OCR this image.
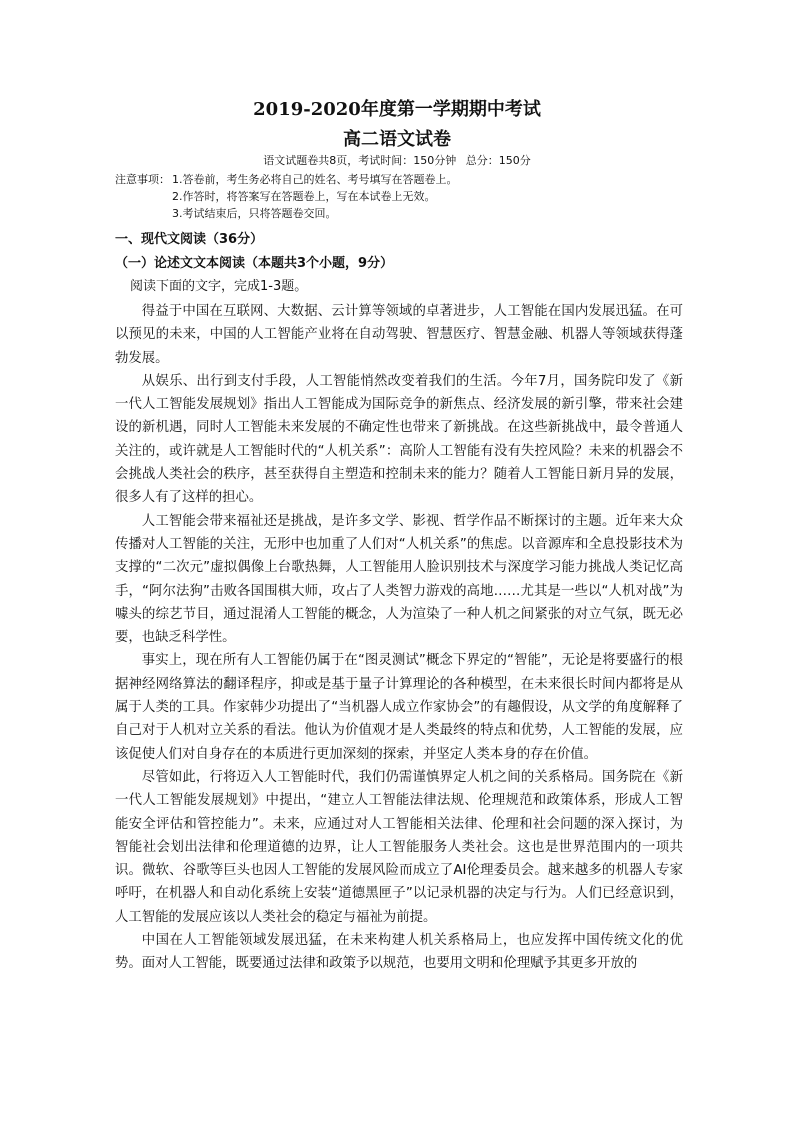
2019-2020年度第一学期期中考试
高二语文试卷
语文试题卷共8页，考试时间：150分钟 总分：150分
注意事项： 1.答卷前，考生务必将自己的姓名、考号填写在答题卷上。
2.作答时，将答案写在答题卷上，写在本试卷上无效。
3.考试结束后，只将答题卷交回。
一、现代文阅读（36分）
（一）论述文文本阅读（本题共3个小题，9分）
阅读下面的文字，完成1-3题。

得益于中国在互联网、大数据、云计算等领域的卓著进步，人工智能在国内发展迅猛。在可以预见的未来，中国的人工智能产业将在自动驾驶、智慧医疗、智慧金融、机器人等领域获得蓬勃发展。

从娱乐、出行到支付手段，人工智能悄然改变着我们的生活。今年7月，国务院印发了《新一代人工智能发展规划》指出人工智能成为国际竞争的新焦点、经济发展的新引擎，带来社会建设的新机遇，同时人工智能未来发展的不确定性也带来了新挑战。在这些新挑战中，最令普通人关注的，或许就是人工智能时代的“人机关系”：高阶人工智能有没有失控风险？未来的机器会不会挑战人类社会的秩序，甚至获得自主塑造和控制未来的能力？随着人工智能日新月异的发展，很多人有了这样的担心。

人工智能会带来福祉还是挑战，是许多文学、影视、哲学作品不断探讨的主题。近年来大众传播对人工智能的关注，无形中也加重了人们对“人机关系”的焦虑。以音源库和全息投影技术为支撑的“二次元”虚拟偶像上台歌热舞，人工智能用人脸识别技术与深度学习能力挑战人类记忆高手，“阿尔法狗”击败各国围棋大师，攻占了人类智力游戏的高地……尤其是一些以“人机对战”为噱头的综艺节目，通过混淆人工智能的概念，人为渲染了一种人机之间紧张的对立气氛，既无必要，也缺乏科学性。

事实上，现在所有人工智能仍属于在“图灵测试”概念下界定的“智能”，无论是将要盛行的根据神经网络算法的翻译程序，抑或是基于量子计算理论的各种模型，在未来很长时间内都将是从属于人类的工具。作家韩少功提出了“当机器人成立作家协会”的有趣假设，从文学的角度解释了自己对于人机对立关系的看法。他认为价值观才是人类最终的特点和优势，人工智能的发展，应该促使人们对自身存在的本质进行更加深刻的探索，并坚定人类本身的存在价值。

尽管如此，行将迈入人工智能时代，我们仍需谨慎界定人机之间的关系格局。国务院在《新一代人工智能发展规划》中提出，“建立人工智能法律法规、伦理规范和政策体系，形成人工智能安全评估和管控能力”。未来，应通过对人工智能相关法律、伦理和社会问题的深入探讨，为智能社会划出法律和伦理道德的边界，让人工智能服务人类社会。这也是世界范围内的一项共识。微软、谷歌等巨头也因人工智能的发展风险而成立了AI伦理委员会。越来越多的机器人专家呼吁，在机器人和自动化系统上安装“道德黑匣子”以记录机器的决定与行为。人们已经意识到，人工智能的发展应该以人类社会的稳定与福祉为前提。

中国在人工智能领域发展迅猛，在未来构建人机关系格局上，也应发挥中国传统文化的优势。面对人工智能，既要通过法律和政策予以规范，也要用文明和伦理赋予其更多开放的
